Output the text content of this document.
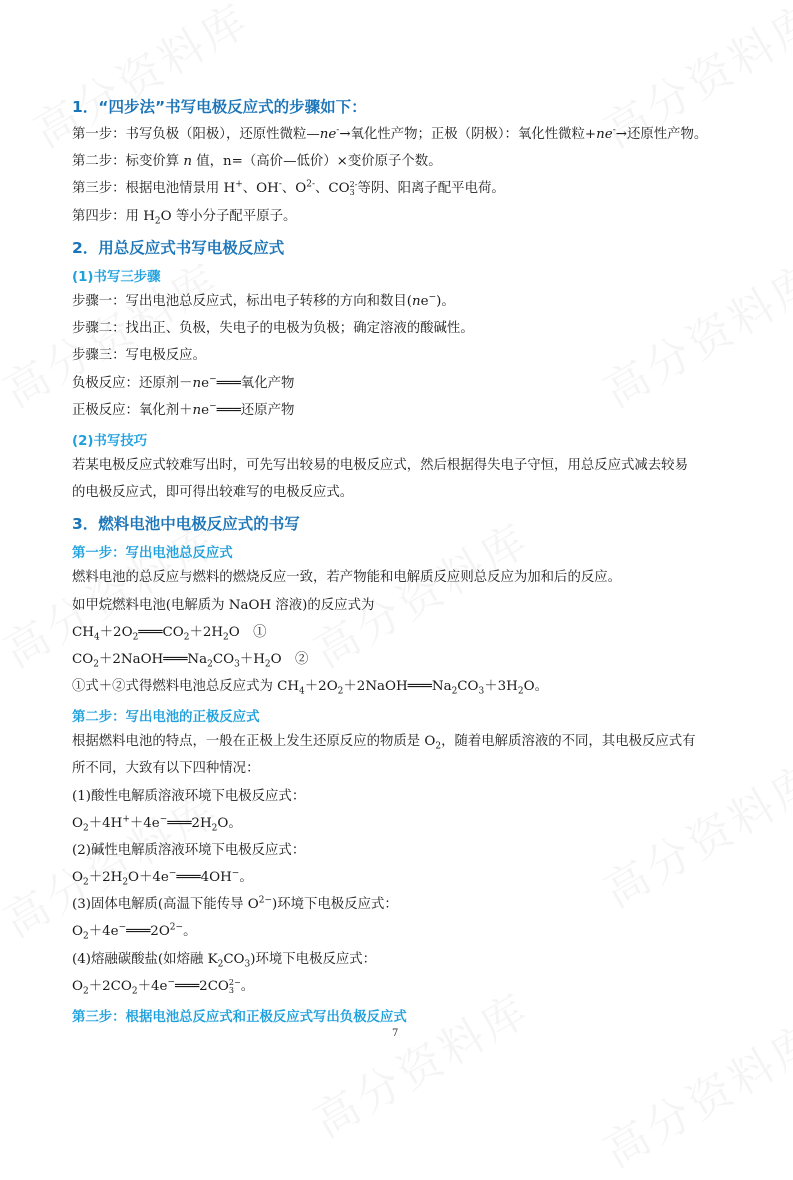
1．“四步法”书写电极反应式的步骤如下：
第一步：书写负极（阳极），还原性微粒—ne-→氧化性产物；正极（阴极）：氧化性微粒+ne-→还原性产物。
第二步：标变价算 n 值，n=（高价—低价）×变价原子个数。
第三步：根据电池情景用 H+、OH-、$O^{2-}$、CO 2-
3 等阴、阳离子配平电荷。
第四步：用 $H_2O$ 等小分子配平原子。
2．用总反应式书写电极反应式
(1)书写三步骤
步骤一：写出电池总反应式，标出电子转移的方向和数目(ne−)。
步骤二：找出正、负极，失电子的电极为负极；确定溶液的酸碱性。
步骤三：写电极反应。
负极反应：还原剂－ne−═══氧化产物
正极反应：氧化剂＋ne−═══还原产物
(2)书写技巧
若某电极反应式较难写出时，可先写出较易的电极反应式，然后根据得失电子守恒，用总反应式减去较易
的电极反应式，即可得出较难写的电极反应式。
3．燃料电池中电极反应式的书写
第一步：写出电池总反应式
燃料电池的总反应与燃料的燃烧反应一致，若产物能和电解质反应则总反应为加和后的反应。
如甲烷燃料电池(电解质为 NaOH 溶液)的反应式为
$CH_4+2O_2═══CO_2+2H_2O$　①
$CO_2+2NaOH═══Na_2CO_3+H_2O$　②
①式＋②式得燃料电池总反应式为 $CH_4+2O_2+2NaOH═══Na_2CO_3+3H_2O$。
第二步：写出电池的正极反应式
根据燃料电池的特点，一般在正极上发生还原反应的物质是 $O_2$，随着电解质溶液的不同，其电极反应式有
所不同，大致有以下四种情况：
(1)酸性电解质溶液环境下电极反应式：
$O_2+4H^++4e^-═══2H_2O$。
(2)碱性电解质溶液环境下电极反应式：
$O_2+2H_2O+4e^-═══4OH^-$。
(3)固体电解质(高温下能传导 $O^{2-}$)环境下电极反应式：
$O_2+4e^-═══2O^{2-}$。
(4)熔融碳酸盐(如熔融 $K_2CO_3$)环境下电极反应式：
$O_2+2CO_2+4e^-═══2CO$ 2−
3 。
第三步：根据电池总反应式和正极反应式写出负极反应式
7
